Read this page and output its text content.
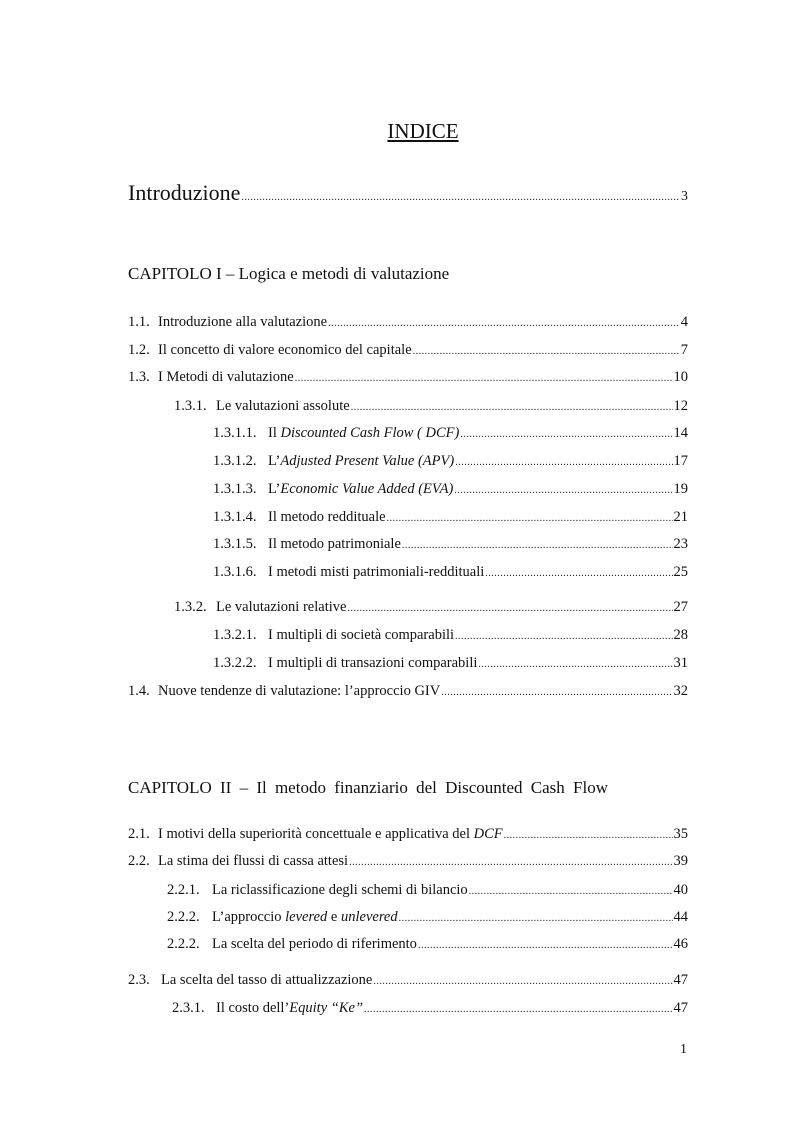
INDICE
Introduzione .....	3
CAPITOLO I – Logica e metodi di valutazione
1.1. Introduzione alla valutazione .....	4
1.2. Il concetto di valore economico del capitale .....	7
1.3. I Metodi di valutazione .....	10
1.3.1. Le valutazioni assolute .....	12
1.3.1.1. Il Discounted Cash Flow ( DCF) .....	14
1.3.1.2. L’Adjusted Present Value (APV) .....	17
1.3.1.3. L’Economic Value Added (EVA) .....	19
1.3.1.4. Il metodo reddituale .....	21
1.3.1.5. Il metodo patrimoniale .....	23
1.3.1.6. I metodi misti patrimoniali-reddituali .....	25
1.3.2. Le valutazioni relative .....	27
1.3.2.1. I multipli di società comparabili .....	28
1.3.2.2. I multipli di transazioni comparabili .....	31
1.4. Nuove tendenze di valutazione: l’approccio GIV .....	32
CAPITOLO II – Il metodo finanziario del Discounted Cash Flow
2.1. I motivi della superiorità concettuale e applicativa del DCF .....	35
2.2. La stima dei flussi di cassa attesi .....	39
2.2.1. La riclassificazione degli schemi di bilancio .....	40
2.2.2. L’approccio levered e unlevered .....	44
2.2.2. La scelta del periodo di riferimento .....	46
2.3. La scelta del tasso di attualizzazione .....	47
2.3.1. Il costo dell’Equity “Ke” .....	47
1
